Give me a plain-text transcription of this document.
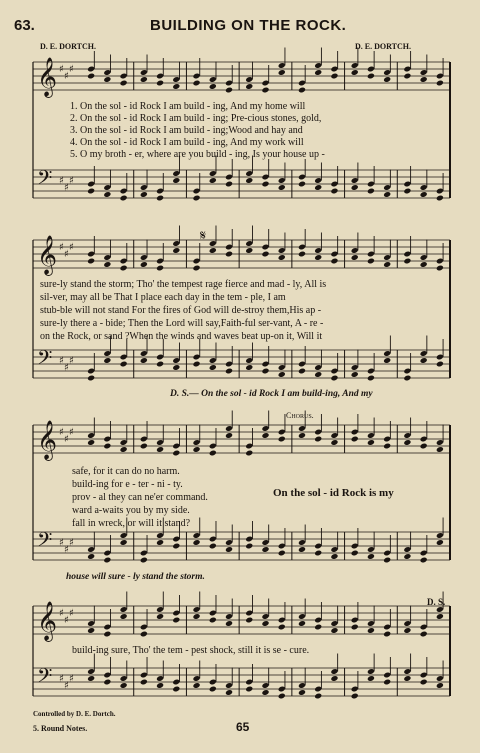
𝄞
𝄢
♯
♯
♯
♯
♯
♯
𝄞
𝄢
♯
♯
♯
♯
♯
♯
𝄞
𝄢
♯
♯
♯
♯
♯
♯
𝄞
𝄢
♯
♯
♯
♯
♯
♯
𝄋
63.	BUILDING ON THE ROCK.
D. E. DORTCH.	D. E. DORTCH.
1. On the sol - id Rock I am build - ing, And my home will
2. On the sol - id Rock I am build - ing; Pre-cious stones, gold,
3. On the sol - id Rock I am build - ing;Wood and hay and
4. On the sol - id Rock I am build - ing, And my work will
5. O my broth - er, where are you build - ing, Is your house up -
sure-ly stand the storm; Tho' the tempest rage fierce and mad - ly, All is
sil-ver, may all be That I place each day in the tem - ple, I am
stub-ble will not stand For the fires of God will de-stroy them,His ap -
sure-ly there a - bide; Then the Lord will say,Faith-ful ser-vant, A - re -
on the Rock, or sand ?When the winds and waves beat up-on it, Will it
D. S.— On the sol - id Rock I am build-ing, And my
Chorus.
safe, for it can do no harm.
build-ing for e - ter - ni - ty.
prov - al they can ne'er command.
ward a-waits you by my side.
fall in wreck, or will it stand?
On the sol - id Rock is my
house will sure - ly stand the storm.
D. S.
build-ing sure, Tho' the tem - pest shock, still it is se - cure.
Controlled by D. E. Dortch.
5. Round Notes.	65
